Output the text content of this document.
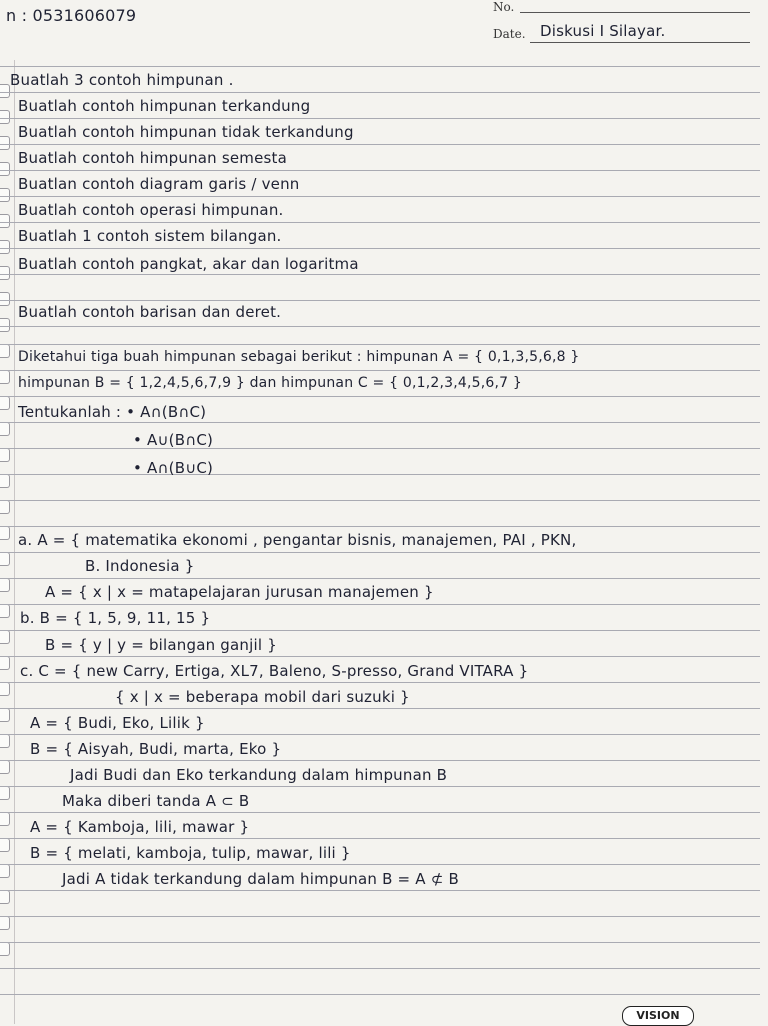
n : 0531606079	No.
Date. Diskusi I Silayar.
Buatlah 3 contoh himpunan .
Buatlah contoh himpunan terkandung
Buatlah contoh himpunan tidak terkandung
Buatlah contoh himpunan semesta
Buatlan contoh diagram garis / venn
Buatlah contoh operasi himpunan.
Buatlah 1 contoh sistem bilangan.
Buatlah contoh pangkat, akar dan logaritma
Buatlah contoh barisan dan deret.
Diketahui tiga buah himpunan sebagai berikut : himpunan A = { 0,1,3,5,6,8 }
himpunan B = { 1,2,4,5,6,7,9 } dan himpunan C = { 0,1,2,3,4,5,6,7 }
Tentukanlah : • A∩(B∩C)
• A∪(B∩C)
• A∩(B∪C)
a. A = { matematika ekonomi , pengantar bisnis, manajemen, PAI , PKN,
B. Indonesia }
A = { x | x = matapelajaran jurusan manajemen }
b. B = { 1, 5, 9, 11, 15 }
B = { y | y = bilangan ganjil }
c. C = { new Carry, Ertiga, XL7, Baleno, S-presso, Grand VITARA }
{ x | x = beberapa mobil dari suzuki }
A = { Budi, Eko, Lilik }
B = { Aisyah, Budi, marta, Eko }
Jadi Budi dan Eko terkandung dalam himpunan B
Maka diberi tanda A ⊂ B
A = { Kamboja, lili, mawar }
B = { melati, kamboja, tulip, mawar, lili }
Jadi A tidak terkandung dalam himpunan B = A ⊄ B
VISION
